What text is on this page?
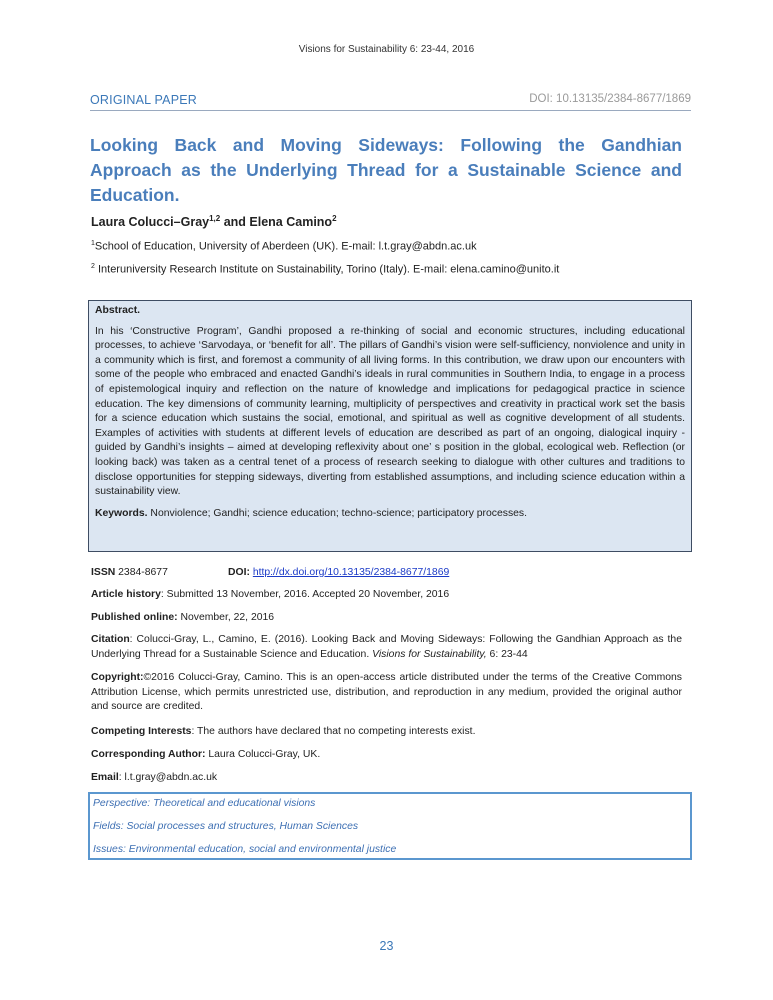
Visions for Sustainability 6: 23-44, 2016
ORIGINAL PAPER	DOI: 10.13135/2384-8677/1869
Looking Back and Moving Sideways: Following the Gandhian Approach as the Underlying Thread for a Sustainable Science and Education.
Laura Colucci–Gray$^{1,2}$ and Elena Camino$^2$
$^1$School of Education, University of Aberdeen (UK). E-mail: l.t.gray@abdn.ac.uk
$^2$ Interuniversity Research Institute on Sustainability, Torino (Italy). E-mail: elena.camino@unito.it

Abstract.

In his ‘Constructive Program’, Gandhi proposed a re-thinking of social and economic structures, including educational processes, to achieve ‘Sarvodaya, or ‘benefit for all’. The pillars of Gandhi’s vision were self-sufficiency, nonviolence and unity in a community which is first, and foremost a community of all living forms. In this contribution, we draw upon our encounters with some of the people who embraced and enacted Gandhi’s ideals in rural communities in Southern India, to engage in a process of epistemological inquiry and reflection on the nature of knowledge and implications for pedagogical practice in science education. The key dimensions of community learning, multiplicity of perspectives and creativity in practical work set the basis for a science education which sustains the social, emotional, and spiritual as well as cognitive development of all students. Examples of activities with students at different levels of education are described as part of an ongoing, dialogical inquiry - guided by Gandhi’s insights – aimed at developing reflexivity about one’ s position in the global, ecological web. Reflection (or looking back) was taken as a central tenet of a process of research seeking to dialogue with other cultures and traditions to disclose opportunities for stepping sideways, diverting from established assumptions, and including science education within a sustainability view.

Keywords. Nonviolence; Gandhi; science education; techno-science; participatory processes.
ISSN 2384-8677	DOI: http://dx.doi.org/10.13135/2384-8677/1869
Article history: Submitted 13 November, 2016. Accepted 20 November, 2016
Published online: November, 22, 2016
Citation: Colucci-Gray, L., Camino, E. (2016). Looking Back and Moving Sideways: Following the Gandhian Approach as the Underlying Thread for a Sustainable Science and Education. Visions for Sustainability, 6: 23-44
Copyright:©2016 Colucci-Gray, Camino. This is an open-access article distributed under the terms of the Creative Commons Attribution License, which permits unrestricted use, distribution, and reproduction in any medium, provided the original author and source are credited.
Competing Interests: The authors have declared that no competing interests exist.
Corresponding Author: Laura Colucci-Gray, UK.
Email: l.t.gray@abdn.ac.uk
Perspective: Theoretical and educational visions
Fields: Social processes and structures, Human Sciences
Issues: Environmental education, social and environmental justice
23
